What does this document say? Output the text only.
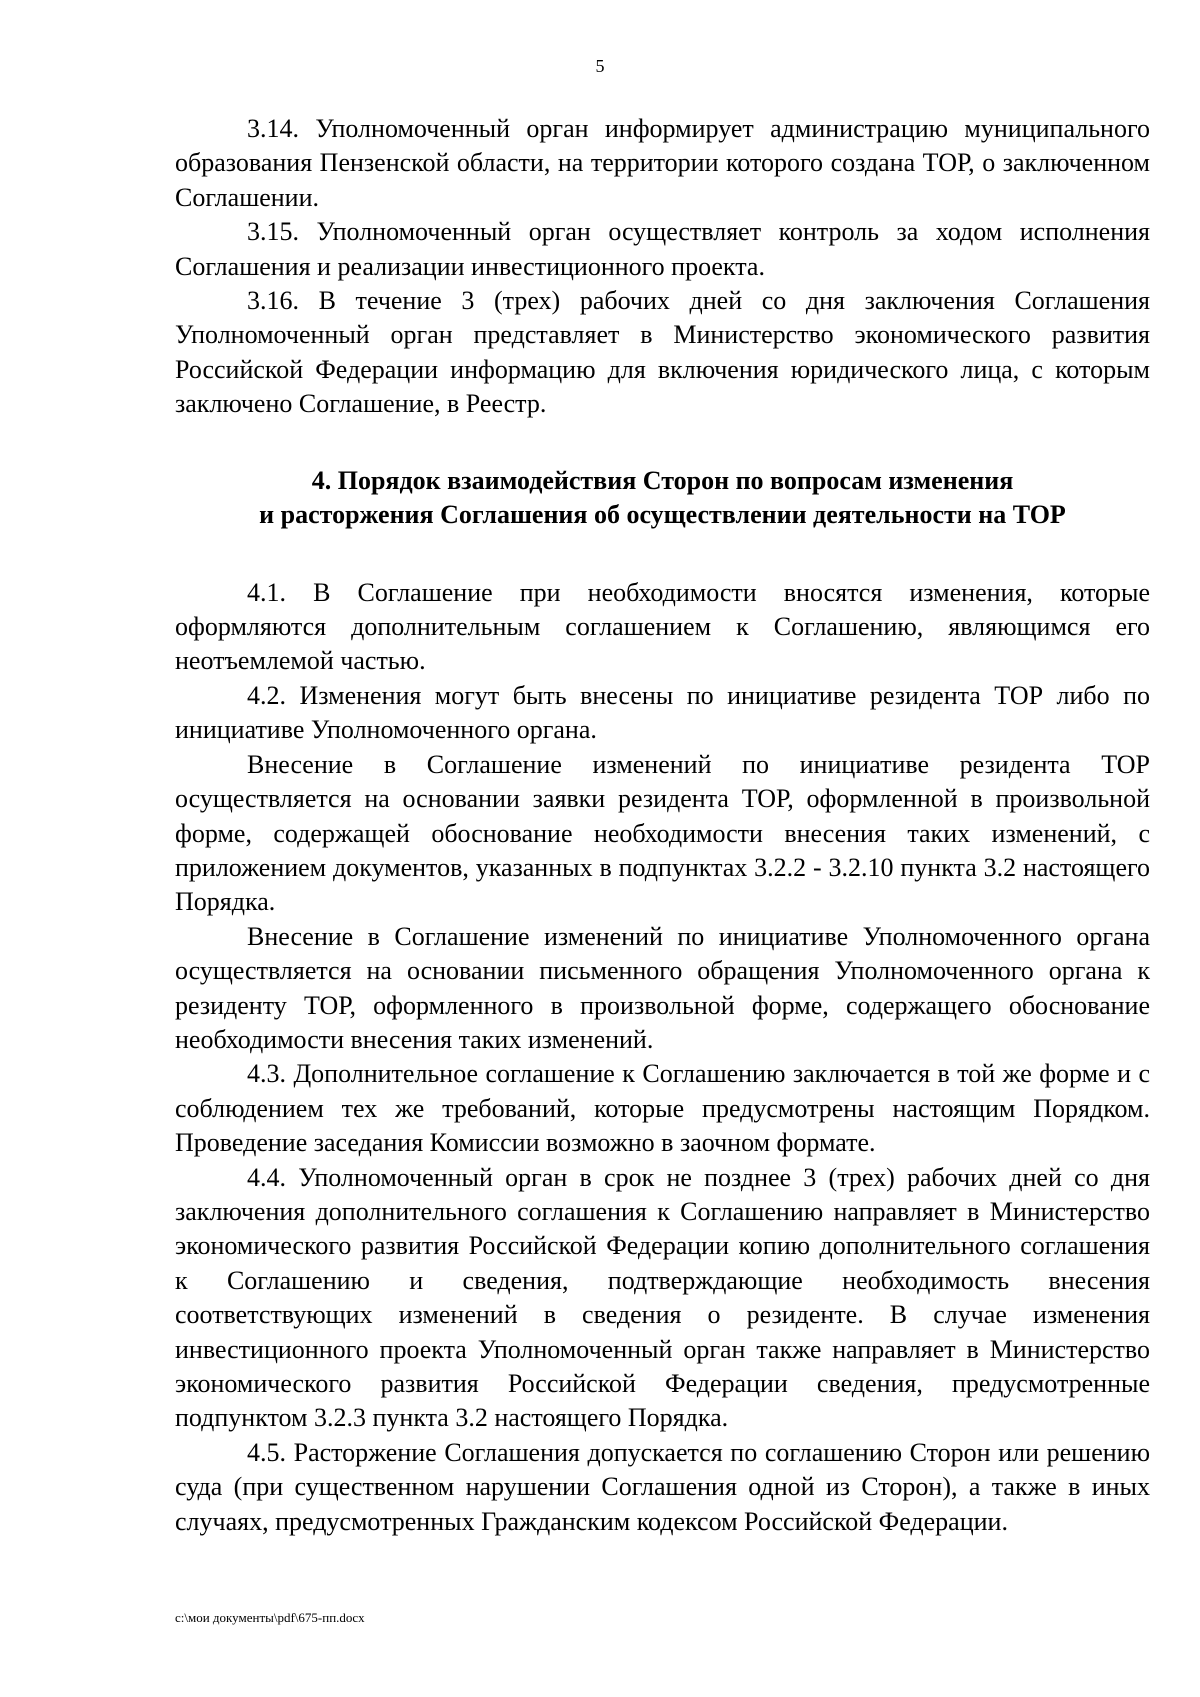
5

3.14. Уполномоченный орган информирует администрацию муниципального образования Пензенской области, на территории которого создана ТОР, о заключенном Соглашении.

3.15. Уполномоченный орган осуществляет контроль за ходом исполнения Соглашения и реализации инвестиционного проекта.

3.16. В течение 3 (трех) рабочих дней со дня заключения Соглашения Уполномоченный орган представляет в Министерство экономического развития Российской Федерации информацию для включения юридического лица, с которым заключено Соглашение, в Реестр.

4. Порядок взаимодействия Сторон по вопросам изменения
и расторжения Соглашения об осуществлении деятельности на ТОР

4.1. В Соглашение при необходимости вносятся изменения, которые оформляются дополнительным соглашением к Соглашению, являющимся его неотъемлемой частью.

4.2. Изменения могут быть внесены по инициативе резидента ТОР либо по инициативе Уполномоченного органа.

Внесение в Соглашение изменений по инициативе резидента ТОР осуществляется на основании заявки резидента ТОР, оформленной в произвольной форме, содержащей обоснование необходимости внесения таких изменений, с приложением документов, указанных в подпунктах 3.2.2 - 3.2.10 пункта 3.2 настоящего Порядка.

Внесение в Соглашение изменений по инициативе Уполномоченного органа осуществляется на основании письменного обращения Уполномоченного органа к резиденту ТОР, оформленного в произвольной форме, содержащего обоснование необходимости внесения таких изменений.

4.3. Дополнительное соглашение к Соглашению заключается в той же форме и с соблюдением тех же требований, которые предусмотрены настоящим Порядком. Проведение заседания Комиссии возможно в заочном формате.

4.4. Уполномоченный орган в срок не позднее 3 (трех) рабочих дней со дня заключения дополнительного соглашения к Соглашению направляет в Министерство экономического развития Российской Федерации копию дополнительного соглашения к Соглашению и сведения, подтверждающие необходимость внесения соответствующих изменений в сведения о резиденте. В случае изменения инвестиционного проекта Уполномоченный орган также направляет в Министерство экономического развития Российской Федерации сведения, предусмотренные подпунктом 3.2.3 пункта 3.2 настоящего Порядка.

4.5. Расторжение Соглашения допускается по соглашению Сторон или решению суда (при существенном нарушении Соглашения одной из Сторон), а также в иных случаях, предусмотренных Гражданским кодексом Российской Федерации.

c:\мои документы\pdf\675-пп.docx
